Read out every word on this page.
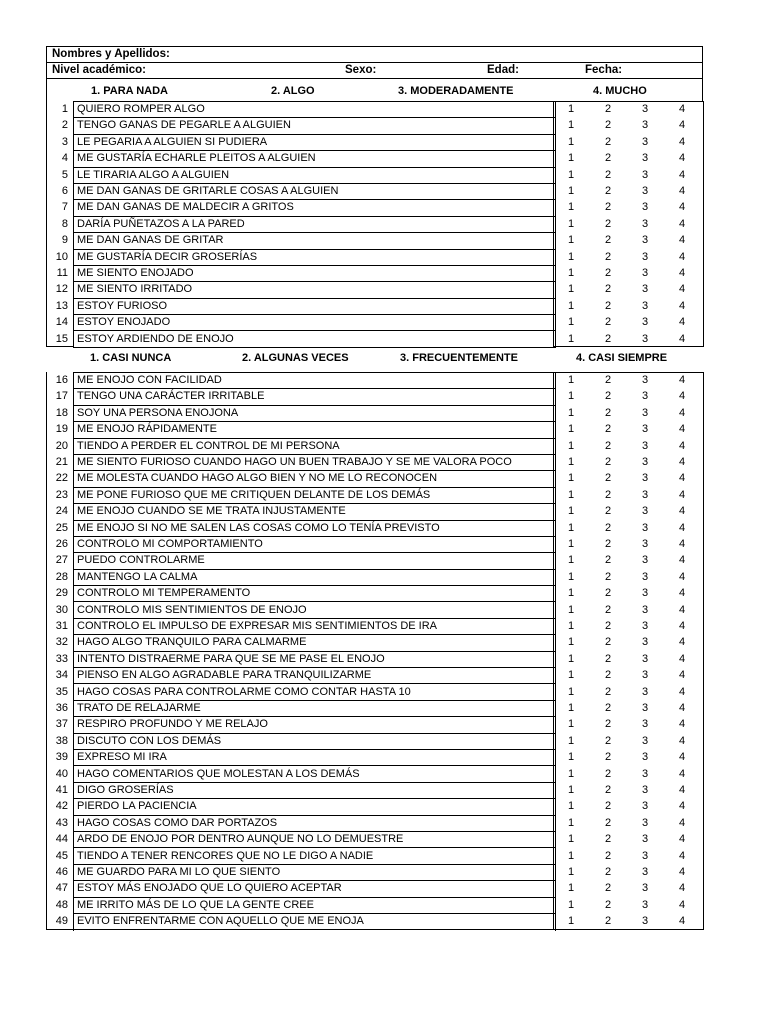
Nombres y Apellidos:
Nivel académico:	Sexo:	Edad:	Fecha:
1. PARA NADA	2. ALGO	3. MODERADAMENTE	4. MUCHO
1 QUIERO ROMPER ALGO	1	2	3	4
2 TENGO GANAS DE PEGARLE A ALGUIEN	1	2	3	4
3 LE PEGARIA A ALGUIEN SI PUDIERA	1	2	3	4
4 ME GUSTARÍA ECHARLE PLEITOS A ALGUIEN	1	2	3	4
5 LE TIRARIA ALGO A ALGUIEN	1	2	3	4
6 ME DAN GANAS DE GRITARLE COSAS A ALGUIEN	1	2	3	4
7 ME DAN GANAS DE MALDECIR A GRITOS	1	2	3	4
8 DARÍA PUÑETAZOS A LA PARED	1	2	3	4
9 ME DAN GANAS DE GRITAR	1	2	3	4
10 ME GUSTARÍA DECIR GROSERÍAS	1	2	3	4
11 ME SIENTO ENOJADO	1	2	3	4
12 ME SIENTO IRRITADO	1	2	3	4
13 ESTOY FURIOSO	1	2	3	4
14 ESTOY ENOJADO	1	2	3	4
15 ESTOY ARDIENDO DE ENOJO	1	2	3	4
1. CASI NUNCA	2. ALGUNAS VECES	3. FRECUENTEMENTE	4. CASI SIEMPRE
16 ME ENOJO CON FACILIDAD	1	2	3	4
17 TENGO UNA CARÁCTER IRRITABLE	1	2	3	4
18 SOY UNA PERSONA ENOJONA	1	2	3	4
19 ME ENOJO RÁPIDAMENTE	1	2	3	4
20 TIENDO A PERDER EL CONTROL DE MI PERSONA	1	2	3	4
21 ME SIENTO FURIOSO CUANDO HAGO UN BUEN TRABAJO Y SE ME VALORA POCO	1	2	3	4
22 ME MOLESTA CUANDO HAGO ALGO BIEN Y NO ME LO RECONOCEN	1	2	3	4
23 ME PONE FURIOSO QUE ME CRITIQUEN DELANTE DE LOS DEMÁS	1	2	3	4
24 ME ENOJO CUANDO SE ME TRATA INJUSTAMENTE	1	2	3	4
25 ME ENOJO SI NO ME SALEN LAS COSAS COMO LO TENÍA PREVISTO	1	2	3	4
26 CONTROLO MI COMPORTAMIENTO	1	2	3	4
27 PUEDO CONTROLARME	1	2	3	4
28 MANTENGO LA CALMA	1	2	3	4
29 CONTROLO MI TEMPERAMENTO	1	2	3	4
30 CONTROLO MIS SENTIMIENTOS DE ENOJO	1	2	3	4
31 CONTROLO EL IMPULSO DE EXPRESAR MIS SENTIMIENTOS DE IRA	1	2	3	4
32 HAGO ALGO TRANQUILO PARA CALMARME	1	2	3	4
33 INTENTO DISTRAERME PARA QUE SE ME PASE EL ENOJO	1	2	3	4
34 PIENSO EN ALGO AGRADABLE PARA TRANQUILIZARME	1	2	3	4
35 HAGO COSAS PARA CONTROLARME COMO CONTAR HASTA 10	1	2	3	4
36 TRATO DE RELAJARME	1	2	3	4
37 RESPIRO PROFUNDO Y ME RELAJO	1	2	3	4
38 DISCUTO CON LOS DEMÁS	1	2	3	4
39 EXPRESO MI IRA	1	2	3	4
40 HAGO COMENTARIOS QUE MOLESTAN A LOS DEMÁS	1	2	3	4
41 DIGO GROSERÍAS	1	2	3	4
42 PIERDO LA PACIENCIA	1	2	3	4
43 HAGO COSAS COMO DAR PORTAZOS	1	2	3	4
44 ARDO DE ENOJO POR DENTRO AUNQUE NO LO DEMUESTRE	1	2	3	4
45 TIENDO A TENER RENCORES QUE NO LE DIGO A NADIE	1	2	3	4
46 ME GUARDO PARA MI LO QUE SIENTO	1	2	3	4
47 ESTOY MÁS ENOJADO QUE LO QUIERO ACEPTAR	1	2	3	4
48 ME IRRITO MÁS DE LO QUE LA GENTE CREE	1	2	3	4
49 EVITO ENFRENTARME CON AQUELLO QUE ME ENOJA	1	2	3	4
